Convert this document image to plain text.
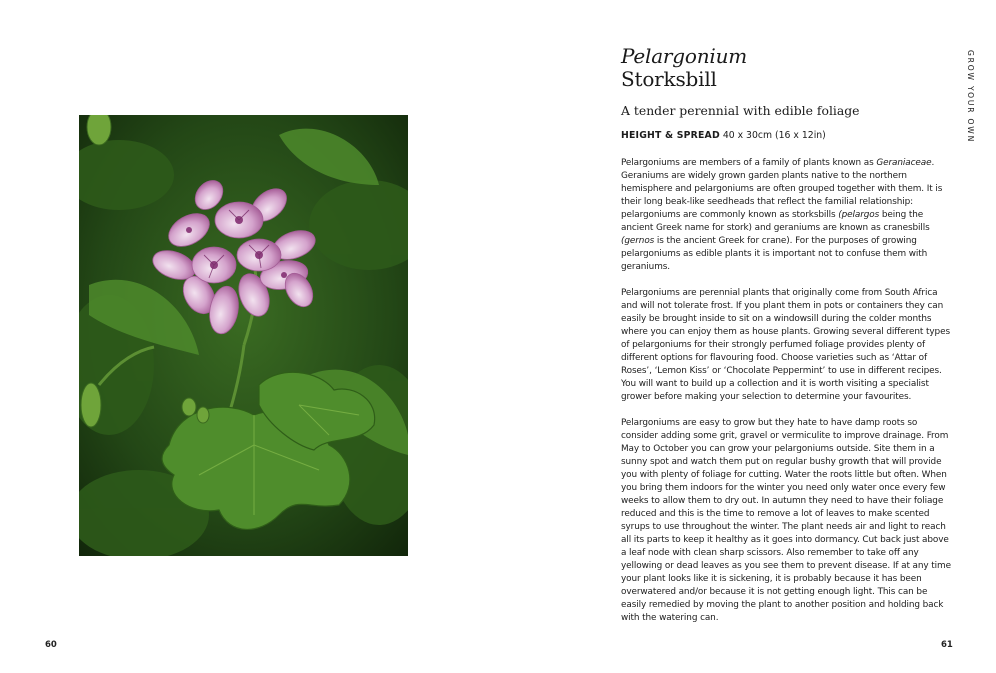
Pelargonium
Storksbill
A tender perennial with edible foliage
HEIGHT & SPREAD 40 x 30cm (16 x 12in)

Pelargoniums are members of a family of plants known as Geraniaceae. Geraniums are widely grown garden plants native to the northern hemisphere and pelargoniums are often grouped together with them. It is their long beak-like seedheads that reflect the familial relationship: pelargoniums are commonly known as storksbills (pelargos being the ancient Greek name for stork) and geraniums are known as cranesbills (gernos is the ancient Greek for crane). For the purposes of growing pelargoniums as edible plants it is important not to confuse them with geraniums.

Pelargoniums are perennial plants that originally come from South Africa and will not tolerate frost. If you plant them in pots or containers they can easily be brought inside to sit on a windowsill during the colder months where you can enjoy them as house plants. Growing several different types of pelargoniums for their strongly perfumed foliage provides plenty of different options for flavouring food. Choose varieties such as ‘Attar of Roses’, ‘Lemon Kiss’ or ‘Chocolate Peppermint’ to use in different recipes. You will want to build up a collection and it is worth visiting a specialist grower before making your selection to determine your favourites.

Pelargoniums are easy to grow but they hate to have damp roots so consider adding some grit, gravel or vermiculite to improve drainage. From May to October you can grow your pelargoniums outside. Site them in a sunny spot and watch them put on regular bushy growth that will provide you with plenty of foliage for cutting. Water the roots little but often. When you bring them indoors for the winter you need only water once every few weeks to allow them to dry out. In autumn they need to have their foliage reduced and this is the time to remove a lot of leaves to make scented syrups to use throughout the winter. The plant needs air and light to reach all its parts to keep it healthy as it goes into dormancy. Cut back just above a leaf node with clean sharp scissors. Also remember to take off any yellowing or dead leaves as you see them to prevent disease. If at any time your plant looks like it is sickening, it is probably because it has been overwatered and/or because it is not getting enough light. This can be easily remedied by moving the plant to another position and holding back with the watering can.

GROW YOUR OWN
60	61
